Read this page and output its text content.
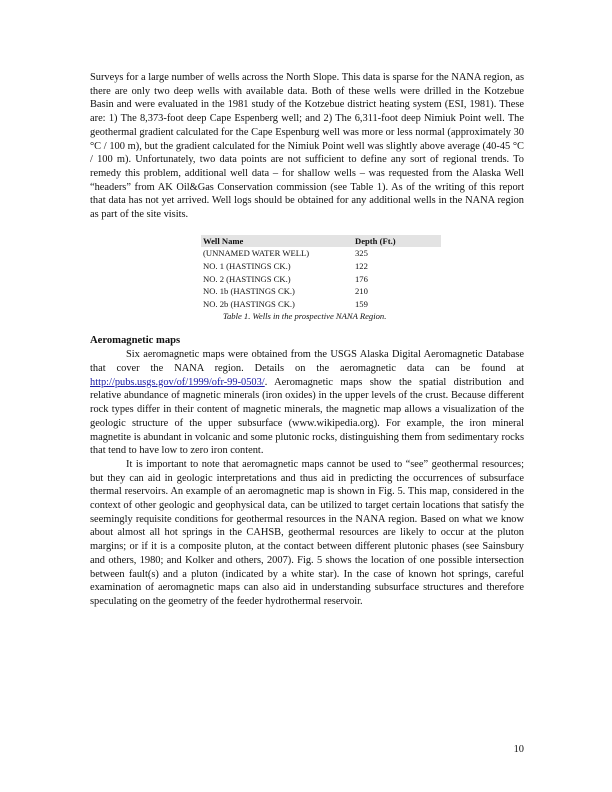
Surveys for a large number of wells across the North Slope. This data is sparse for the NANA region, as there are only two deep wells with available data. Both of these wells were drilled in the Kotzebue Basin and were evaluated in the 1981 study of the Kotzebue district heating system (ESI, 1981). These are: 1) The 8,373-foot deep Cape Espenberg well; and 2) The 6,311-foot deep Nimiuk Point well. The geothermal gradient calculated for the Cape Espenburg well was more or less normal (approximately 30 °C / 100 m), but the gradient calculated for the Nimiuk Point well was slightly above average (40-45 °C / 100 m). Unfortunately, two data points are not sufficient to define any sort of regional trends. To remedy this problem, additional well data – for shallow wells – was requested from the Alaska Well “headers” from AK Oil&Gas Conservation commission (see Table 1). As of the writing of this report that data has not yet arrived. Well logs should be obtained for any additional wells in the NANA region as part of the site visits.

Well Name	Depth (Ft.)
(UNNAMED WATER WELL)	325
NO. 1 (HASTINGS CK.)	122
NO. 2 (HASTINGS CK.)	176
NO. 1b (HASTINGS CK.)	210
NO. 2b (HASTINGS CK.)	159
Table 1. Wells in the prospective NANA Region.
Aeromagnetic maps

Six aeromagnetic maps were obtained from the USGS Alaska Digital Aeromagnetic Database that cover the NANA region. Details on the aeromagnetic data can be found at http://pubs.usgs.gov/of/1999/ofr-99-0503/. Aeromagnetic maps show the spatial distribution and relative abundance of magnetic minerals (iron oxides) in the upper levels of the crust. Because different rock types differ in their content of magnetic minerals, the magnetic map allows a visualization of the geologic structure of the upper subsurface (www.wikipedia.org). For example, the iron mineral magnetite is abundant in volcanic and some plutonic rocks, distinguishing them from sedimentary rocks that tend to have low to zero iron content.

It is important to note that aeromagnetic maps cannot be used to “see” geothermal resources; but they can aid in geologic interpretations and thus aid in predicting the occurrences of subsurface thermal reservoirs. An example of an aeromagnetic map is shown in Fig. 5. This map, considered in the context of other geologic and geophysical data, can be utilized to target certain locations that satisfy the seemingly requisite conditions for geothermal resources in the NANA region. Based on what we know about almost all hot springs in the CAHSB, geothermal resources are likely to occur at the pluton margins; or if it is a composite pluton, at the contact between different plutonic phases (see Sainsbury and others, 1980; and Kolker and others, 2007). Fig. 5 shows the location of one possible intersection between fault(s) and a pluton (indicated by a white star). In the case of known hot springs, careful examination of aeromagnetic maps can also aid in understanding subsurface structures and therefore speculating on the geometry of the feeder hydrothermal reservoir.

10
